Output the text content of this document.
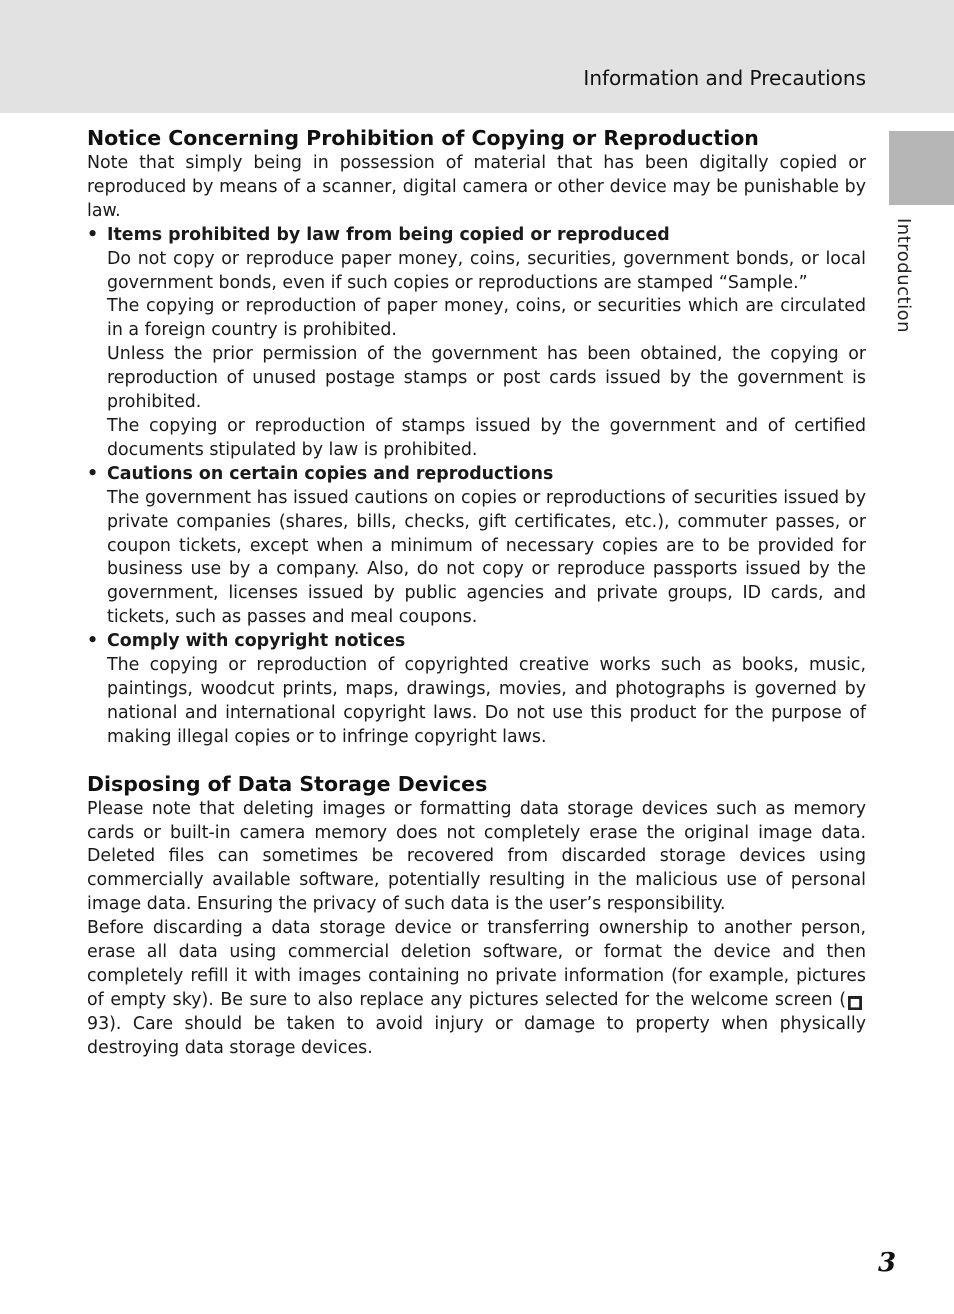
Information and Precautions
Introduction
Notice Concerning Prohibition of Copying or Reproduction

Note that simply being in possession of material that has been digitally copied or reproduced by means of a scanner, digital camera or other device may be punishable by law.

• Items prohibited by law from being copied or reproduced

Do not copy or reproduce paper money, coins, securities, government bonds, or local government bonds, even if such copies or reproductions are stamped “Sample.”

The copying or reproduction of paper money, coins, or securities which are circulated in a foreign country is prohibited.

Unless the prior permission of the government has been obtained, the copying or reproduction of unused postage stamps or post cards issued by the government is prohibited.

The copying or reproduction of stamps issued by the government and of certified documents stipulated by law is prohibited.

• Cautions on certain copies and reproductions

The government has issued cautions on copies or reproductions of securities issued by private companies (shares, bills, checks, gift certificates, etc.), commuter passes, or coupon tickets, except when a minimum of necessary copies are to be provided for business use by a company. Also, do not copy or reproduce passports issued by the government, licenses issued by public agencies and private groups, ID cards, and tickets, such as passes and meal coupons.

• Comply with copyright notices

The copying or reproduction of copyrighted creative works such as books, music, paintings, woodcut prints, maps, drawings, movies, and photographs is governed by national and international copyright laws. Do not use this product for the purpose of making illegal copies or to infringe copyright laws.

Disposing of Data Storage Devices

Please note that deleting images or formatting data storage devices such as memory cards or built-in camera memory does not completely erase the original image data. Deleted files can sometimes be recovered from discarded storage devices using commercially available software, potentially resulting in the malicious use of personal image data. Ensuring the privacy of such data is the user’s responsibility.

Before discarding a data storage device or transferring ownership to another person, erase all data using commercial deletion software, or format the device and then completely refill it with images containing no private information (for example, pictures of empty sky). Be sure to also replace any pictures selected for the welcome screen ( ■ 93). Care should be taken to avoid injury or damage to property when physically destroying data storage devices.

3
